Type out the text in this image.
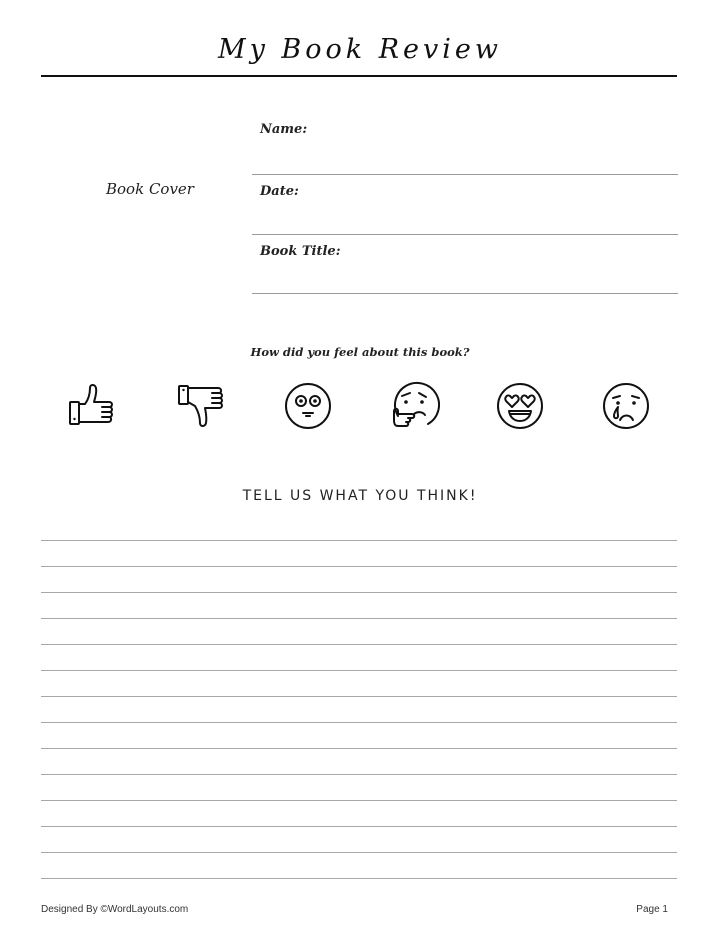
My Book Review
Book Cover
Name:
Date:
Book Title:
How did you feel about this book?
TELL US WHAT YOU THINK!
Designed By ©WordLayouts.com	Page 1
